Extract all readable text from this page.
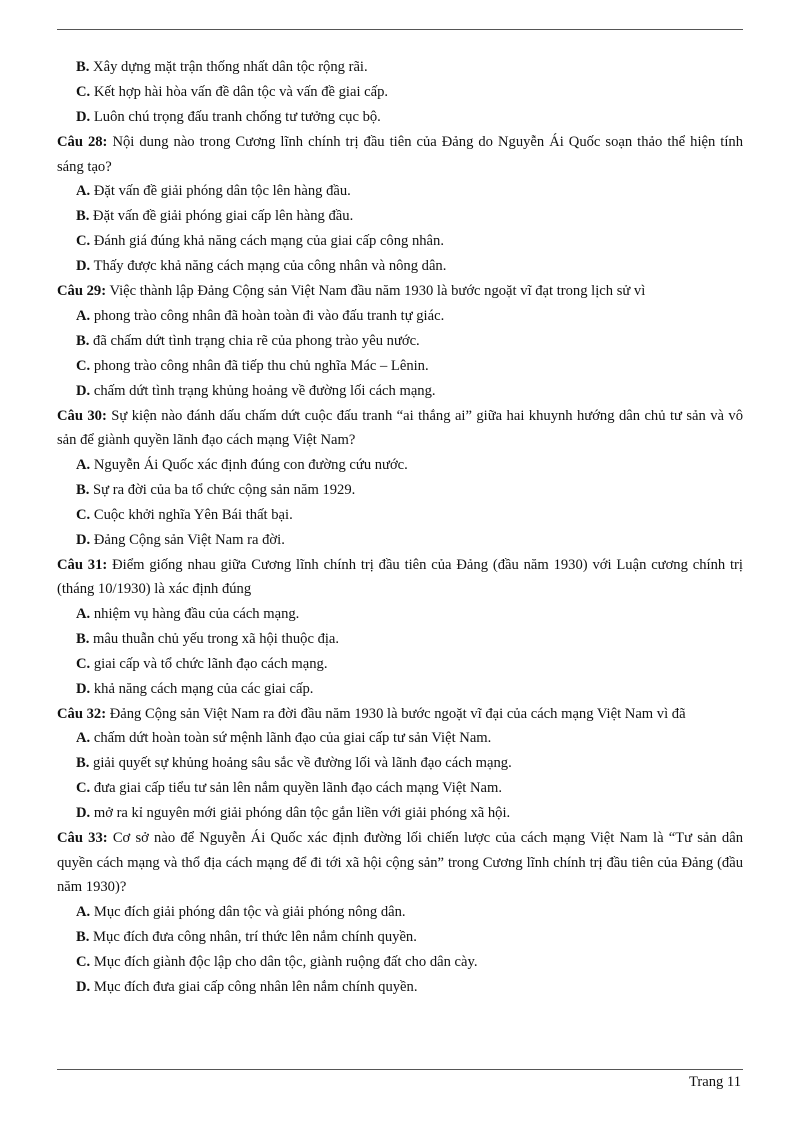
B. Xây dựng mặt trận thống nhất dân tộc rộng rãi.
C. Kết hợp hài hòa vấn đề dân tộc và vấn đề giai cấp.
D. Luôn chú trọng đấu tranh chống tư tưởng cục bộ.
Câu 28: Nội dung nào trong Cương lĩnh chính trị đầu tiên của Đảng do Nguyễn Ái Quốc soạn thảo thể hiện tính sáng tạo?
A. Đặt vấn đề giải phóng dân tộc lên hàng đầu.
B. Đặt vấn đề giải phóng giai cấp lên hàng đầu.
C. Đánh giá đúng khả năng cách mạng của giai cấp công nhân.
D. Thấy được khả năng cách mạng của công nhân và nông dân.
Câu 29: Việc thành lập Đảng Cộng sản Việt Nam đầu năm 1930 là bước ngoặt vĩ đạt trong lịch sử vì
A. phong trào công nhân đã hoàn toàn đi vào đấu tranh tự giác.
B. đã chấm dứt tình trạng chia rẽ của phong trào yêu nước.
C. phong trào công nhân đã tiếp thu chủ nghĩa Mác – Lênin.
D. chấm dứt tình trạng khủng hoảng về đường lối cách mạng.
Câu 30: Sự kiện nào đánh dấu chấm dứt cuộc đấu tranh “ai thắng ai” giữa hai khuynh hướng dân chủ tư sản và vô sản để giành quyền lãnh đạo cách mạng Việt Nam?
A. Nguyễn Ái Quốc xác định đúng con đường cứu nước.
B. Sự ra đời của ba tổ chức cộng sản năm 1929.
C. Cuộc khởi nghĩa Yên Bái thất bại.
D. Đảng Cộng sản Việt Nam ra đời.
Câu 31: Điểm giống nhau giữa Cương lĩnh chính trị đầu tiên của Đảng (đầu năm 1930) với Luận cương chính trị (tháng 10/1930) là xác định đúng
A. nhiệm vụ hàng đầu của cách mạng.
B. mâu thuẫn chủ yếu trong xã hội thuộc địa.
C. giai cấp và tổ chức lãnh đạo cách mạng.
D. khả năng cách mạng của các giai cấp.
Câu 32: Đảng Cộng sản Việt Nam ra đời đầu năm 1930 là bước ngoặt vĩ đại của cách mạng Việt Nam vì đã
A. chấm dứt hoàn toàn sứ mệnh lãnh đạo của giai cấp tư sản Việt Nam.
B. giải quyết sự khủng hoảng sâu sắc về đường lối và lãnh đạo cách mạng.
C. đưa giai cấp tiểu tư sản lên nắm quyền lãnh đạo cách mạng Việt Nam.
D. mở ra kỉ nguyên mới giải phóng dân tộc gắn liền với giải phóng xã hội.
Câu 33: Cơ sở nào để Nguyễn Ái Quốc xác định đường lối chiến lược của cách mạng Việt Nam là “Tư sản dân quyền cách mạng và thổ địa cách mạng để đi tới xã hội cộng sản” trong Cương lĩnh chính trị đầu tiên của Đảng (đầu năm 1930)?
A. Mục đích giải phóng dân tộc và giải phóng nông dân.
B. Mục đích đưa công nhân, trí thức lên nắm chính quyền.
C. Mục đích giành độc lập cho dân tộc, giành ruộng đất cho dân cày.
D. Mục đích đưa giai cấp công nhân lên nắm chính quyền.
Trang 11
